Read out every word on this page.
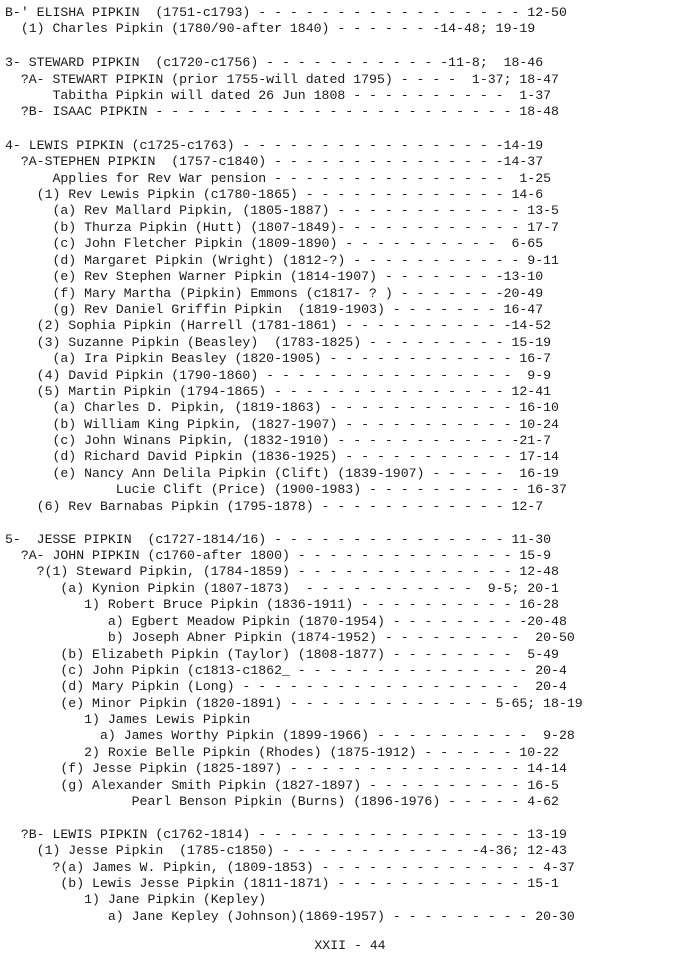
B-' ELISHA PIPKIN  (1751-c1793) - - - - - - - - - - - - - - - - - 12-50
(1) Charles Pipkin (1780/90-after 1840) - - - - - - -14-48; 19-19
3- STEWARD PIPKIN  (c1720-c1756) - - - - - - - - - - - -11-8;  18-46
?A- STEWART PIPKIN (prior 1755-will dated 1795) - - - -  1-37; 18-47
Tabitha Pipkin will dated 26 Jun 1808 - - - - - - - - - -  1-37
?B- ISAAC PIPKIN - - - - - - - - - - - - - - - - - - - - - - - 18-48
4- LEWIS PIPKIN (c1725-c1763) - - - - - - - - - - - - - - - - -14-19
?A-STEPHEN PIPKIN  (1757-c1840) - - - - - - - - - - - - - - -14-37
Applies for Rev War pension - - - - - - - - - - - - - - -  1-25
(1) Rev Lewis Pipkin (c1780-1865) - - - - - - - - - - - - - 14-6
(a) Rev Mallard Pipkin, (1805-1887) - - - - - - - - - - - - 13-5
(b) Thurza Pipkin (Hutt) (1807-1849)- - - - - - - - - - - - 17-7
(c) John Fletcher Pipkin (1809-1890) - - - - - - - - - -  6-65
(d) Margaret Pipkin (Wright) (1812-?) - - - - - - - - - - - 9-11
(e) Rev Stephen Warner Pipkin (1814-1907) - - - - - - - -13-10
(f) Mary Martha (Pipkin) Emmons (c1817- ? ) - - - - - - -20-49
(g) Rev Daniel Griffin Pipkin  (1819-1903) - - - - - - - 16-47
(2) Sophia Pipkin (Harrell (1781-1861) - - - - - - - - - - -14-52
(3) Suzanne Pipkin (Beasley)  (1783-1825) - - - - - - - - - 15-19
(a) Ira Pipkin Beasley (1820-1905) - - - - - - - - - - - - 16-7
(4) David Pipkin (1790-1860) - - - - - - - - - - - - - - - -  9-9
(5) Martin Pipkin (1794-1865) - - - - - - - - - - - - - - - 12-41
(a) Charles D. Pipkin, (1819-1863) - - - - - - - - - - - - 16-10
(b) William King Pipkin, (1827-1907) - - - - - - - - - - - 10-24
(c) John Winans Pipkin, (1832-1910) - - - - - - - - - - - -21-7
(d) Richard David Pipkin (1836-1925) - - - - - - - - - - - 17-14
(e) Nancy Ann Delila Pipkin (Clift) (1839-1907) - - - - -  16-19
Lucie Clift (Price) (1900-1983) - - - - - - - - - - 16-37
(6) Rev Barnabas Pipkin (1795-1878) - - - - - - - - - - - - 12-7
5-  JESSE PIPKIN  (c1727-1814/16) - - - - - - - - - - - - - - - 11-30
?A- JOHN PIPKIN (c1760-after 1800) - - - - - - - - - - - - - - 15-9
?(1) Steward Pipkin, (1784-1859) - - - - - - - - - - - - - - 12-48
(a) Kynion Pipkin (1807-1873)  - - - - - - - - - - -  9-5; 20-1
1) Robert Bruce Pipkin (1836-1911) - - - - - - - - - - 16-28
a) Egbert Meadow Pipkin (1870-1954) - - - - - - - - -20-48
b) Joseph Abner Pipkin (1874-1952) - - - - - - - - -  20-50
(b) Elizabeth Pipkin (Taylor) (1808-1877) - - - - - - - -  5-49
(c) John Pipkin (c1813-c1862_ - - - - - - - - - - - - - - - 20-4
(d) Mary Pipkin (Long) - - - - - - - - - - - - - - - - - -  20-4
(e) Minor Pipkin (1820-1891) - - - - - - - - - - - - - 5-65; 18-19
1) James Lewis Pipkin
a) James Worthy Pipkin (1899-1966) - - - - - - - - - -  9-28
2) Roxie Belle Pipkin (Rhodes) (1875-1912) - - - - - - 10-22
(f) Jesse Pipkin (1825-1897) - - - - - - - - - - - - - - - 14-14
(g) Alexander Smith Pipkin (1827-1897) - - - - - - - - - - 16-5
Pearl Benson Pipkin (Burns) (1896-1976) - - - - - 4-62
?B- LEWIS PIPKIN (c1762-1814) - - - - - - - - - - - - - - - - - 13-19
(1) Jesse Pipkin  (1785-c1850) - - - - - - - - - - - - -4-36; 12-43
?(a) James W. Pipkin, (1809-1853) - - - - - - - - - - - - - - 4-37
(b) Lewis Jesse Pipkin (1811-1871) - - - - - - - - - - - - 15-1
1) Jane Pipkin (Kepley)
a) Jane Kepley (Johnson)(1869-1957) - - - - - - - - - 20-30
XXII - 44
